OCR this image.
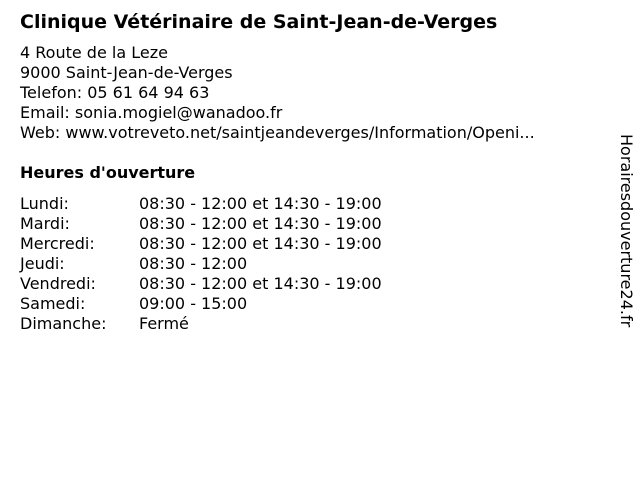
Clinique Vétérinaire de Saint-Jean-de-Verges
4 Route de la Leze
9000 Saint-Jean-de-Verges
Telefon: 05 61 64 94 63
Email: sonia.mogiel@wanadoo.fr
Web: www.votreveto.net/saintjeandeverges/Information/Openi...
Heures d'ouverture
Lundi:	08:30 - 12:00 et 14:30 - 19:00
Mardi:	08:30 - 12:00 et 14:30 - 19:00
Mercredi:	08:30 - 12:00 et 14:30 - 19:00
Jeudi:	08:30 - 12:00
Vendredi:	08:30 - 12:00 et 14:30 - 19:00
Samedi:	09:00 - 15:00
Dimanche: Fermé	Horairesdouverture24.fr
